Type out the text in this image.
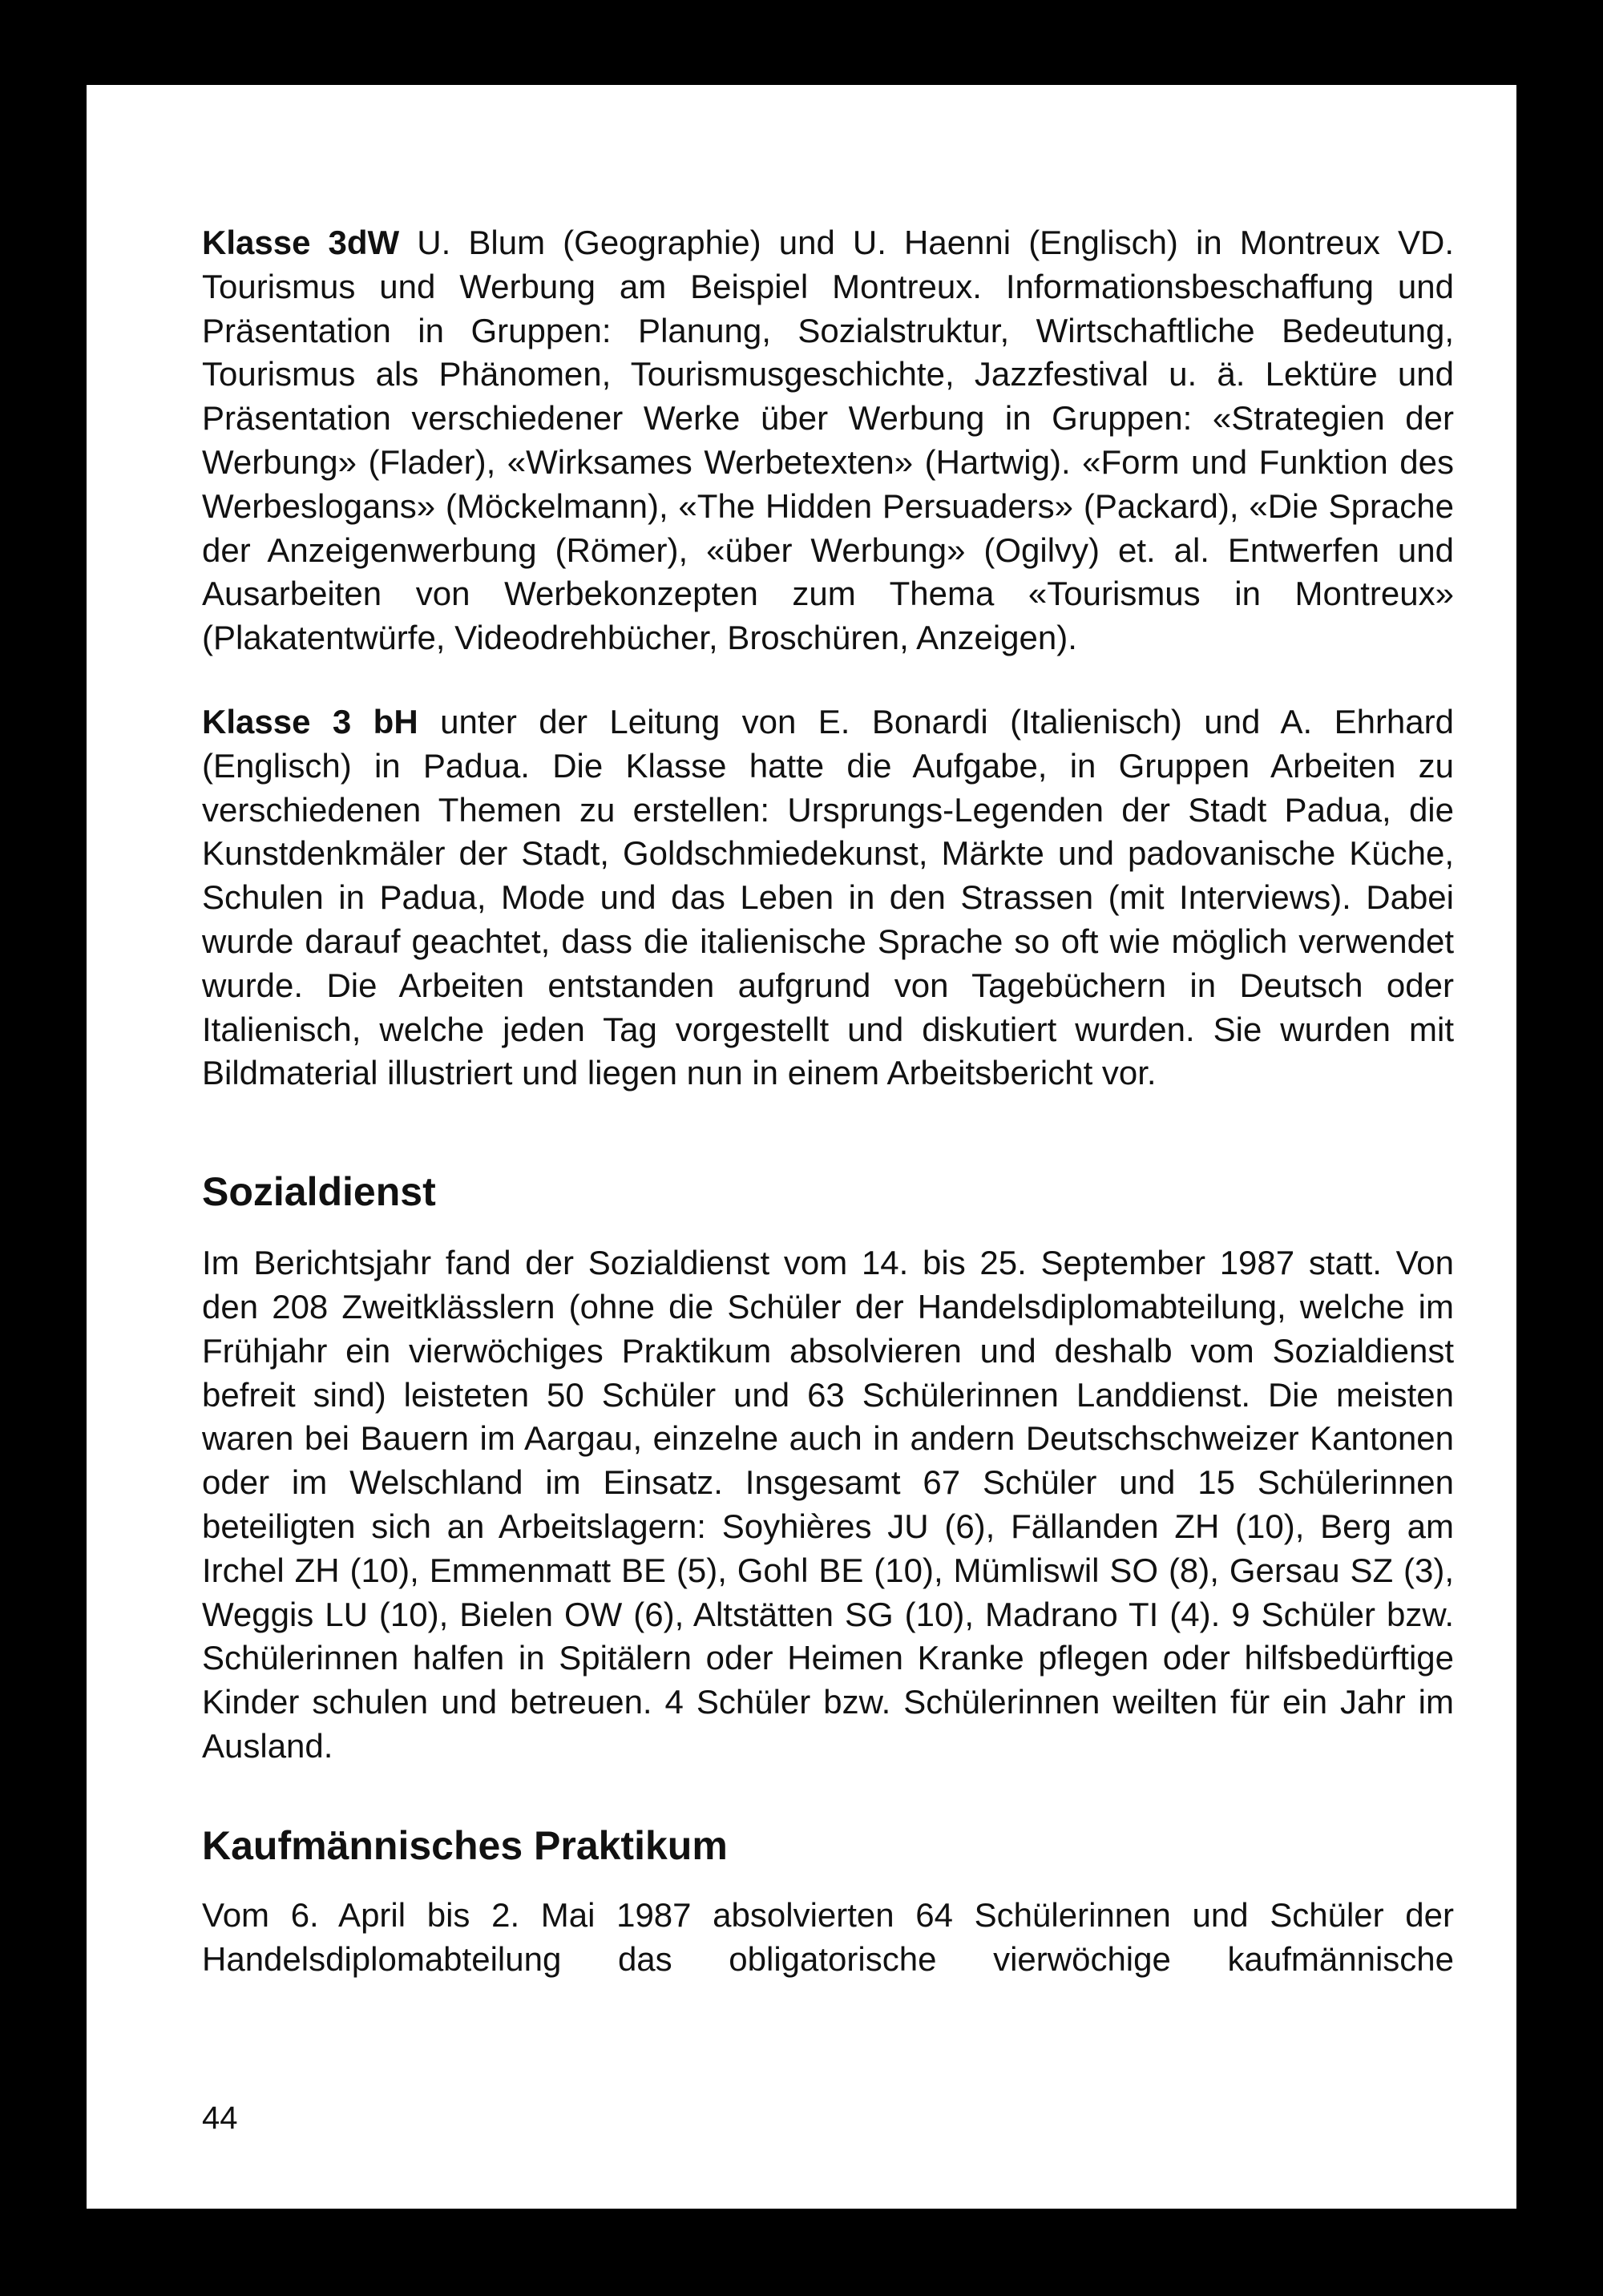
Klasse 3dW U. Blum (Geographie) und U. Haenni (Englisch) in Montreux VD. Tourismus und Werbung am Beispiel Montreux. Informationsbeschaffung und Präsentation in Gruppen: Planung, Sozialstruktur, Wirtschaftliche Bedeutung, Tourismus als Phänomen, Tourismusgeschichte, Jazzfestival u. ä. Lektüre und Präsentation verschiedener Werke über Werbung in Gruppen: «Strategien der Werbung» (Flader), «Wirksames Werbetexten» (Hartwig). «Form und Funktion des Werbeslogans» (Möckelmann), «The Hidden Persuaders» (Packard), «Die Sprache der Anzeigenwerbung (Römer), «über Werbung» (Ogilvy) et. al. Entwerfen und Ausarbeiten von Werbekonzepten zum Thema «Tourismus in Montreux» (Plakatentwürfe, Videodrehbücher, Broschüren, Anzeigen).

Klasse 3 bH unter der Leitung von E. Bonardi (Italienisch) und A. Ehrhard (Englisch) in Padua. Die Klasse hatte die Aufgabe, in Gruppen Arbeiten zu verschiedenen Themen zu erstellen: Ursprungs-Legenden der Stadt Padua, die Kunstdenkmäler der Stadt, Goldschmiedekunst, Märkte und padovanische Küche, Schulen in Padua, Mode und das Leben in den Strassen (mit Interviews). Dabei wurde darauf geachtet, dass die italienische Sprache so oft wie möglich verwendet wurde. Die Arbeiten entstanden aufgrund von Tagebüchern in Deutsch oder Italienisch, welche jeden Tag vorgestellt und diskutiert wurden. Sie wurden mit Bildmaterial illustriert und liegen nun in einem Arbeitsbericht vor.

Sozialdienst

Im Berichtsjahr fand der Sozialdienst vom 14. bis 25. September 1987 statt. Von den 208 Zweitklässlern (ohne die Schüler der Handelsdiplomabteilung, welche im Frühjahr ein vierwöchiges Praktikum absolvieren und deshalb vom Sozialdienst befreit sind) leisteten 50 Schüler und 63 Schülerinnen Landdienst. Die meisten waren bei Bauern im Aargau, einzelne auch in andern Deutschschweizer Kantonen oder im Welschland im Einsatz. Insgesamt 67 Schüler und 15 Schülerinnen beteiligten sich an Arbeitslagern: Soyhières JU (6), Fällanden ZH (10), Berg am Irchel ZH (10), Emmenmatt BE (5), Gohl BE (10), Mümliswil SO (8), Gersau SZ (3), Weggis LU (10), Bielen OW (6), Altstätten SG (10), Madrano TI (4). 9 Schüler bzw. Schülerinnen halfen in Spitälern oder Heimen Kranke pflegen oder hilfsbedürftige Kinder schulen und betreuen. 4 Schüler bzw. Schülerinnen weilten für ein Jahr im Ausland.

Kaufmännisches Praktikum

Vom 6. April bis 2. Mai 1987 absolvierten 64 Schülerinnen und Schüler der Handelsdiplomabteilung das obligatorische vierwöchige kaufmännische

44
